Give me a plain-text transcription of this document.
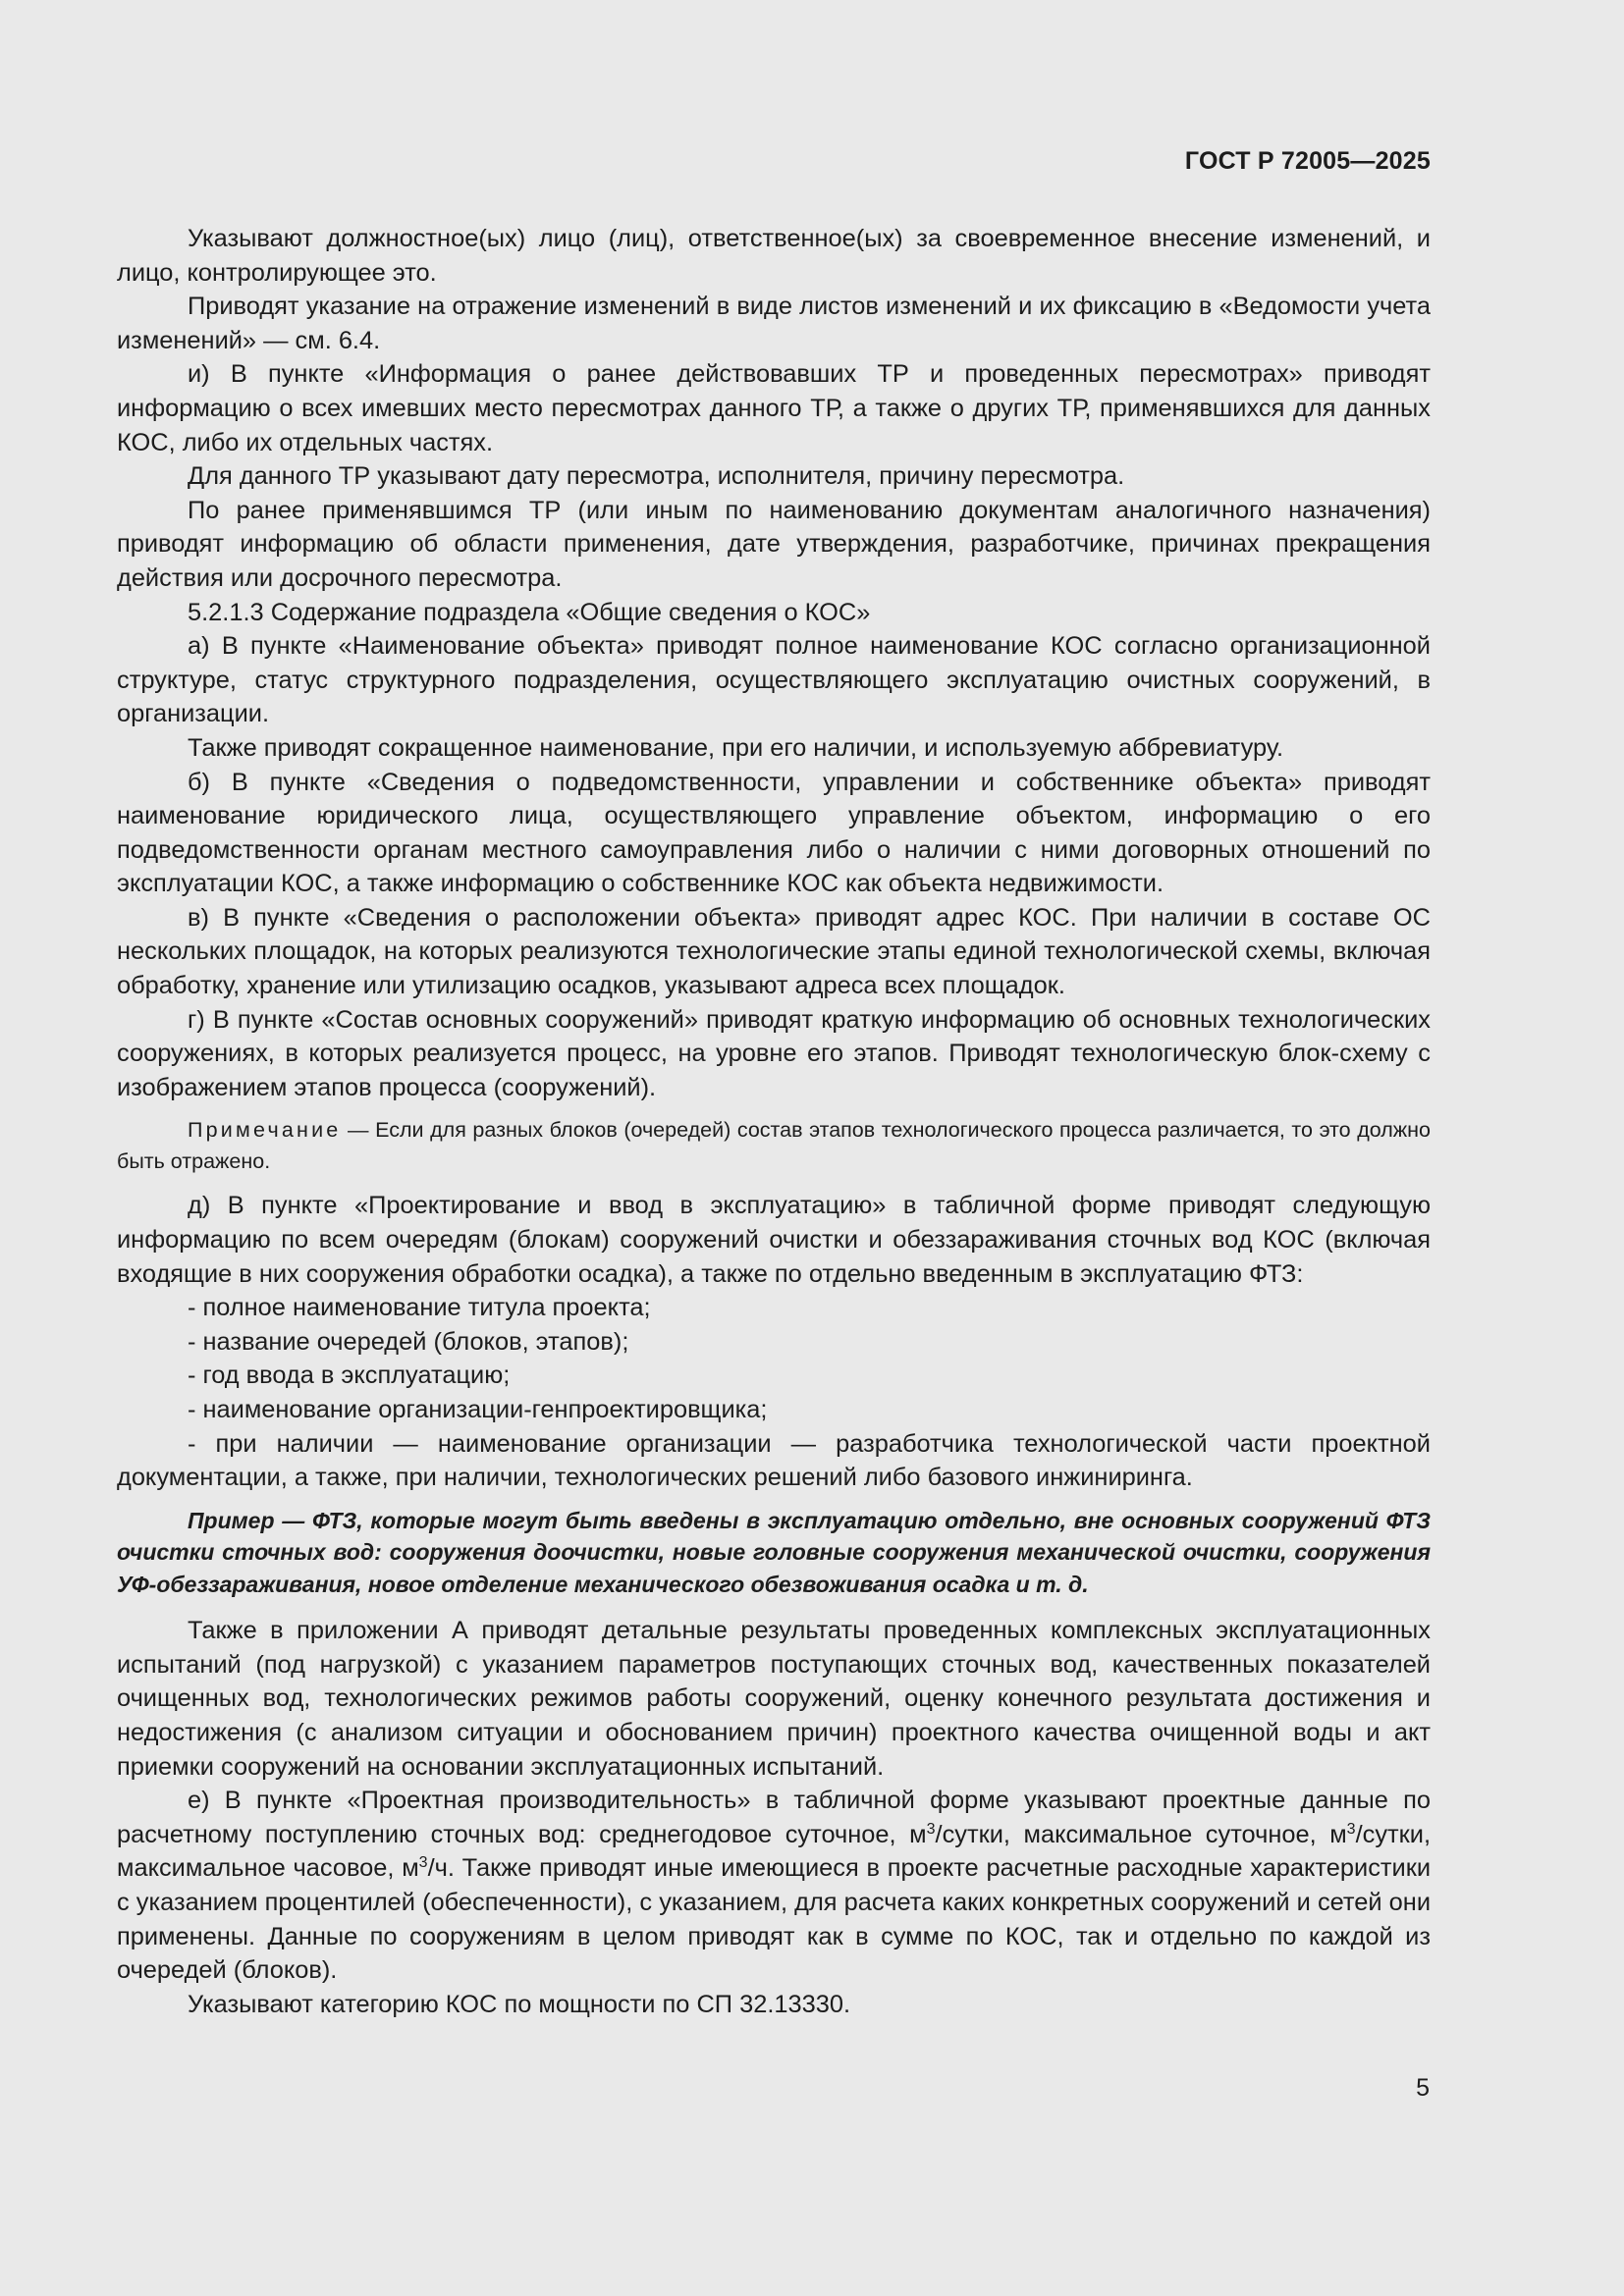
ГОСТ Р 72005—2025

Указывают должностное(ых) лицо (лиц), ответственное(ых) за своевременное внесение изменений, и лицо, контролирующее это.

Приводят указание на отражение изменений в виде листов изменений и их фиксацию в «Ведомости учета изменений» — см. 6.4.

и) В пункте «Информация о ранее действовавших ТР и проведенных пересмотрах» приводят информацию о всех имевших место пересмотрах данного ТР, а также о других ТР, применявшихся для данных КОС, либо их отдельных частях.

Для данного ТР указывают дату пересмотра, исполнителя, причину пересмотра.

По ранее применявшимся ТР (или иным по наименованию документам аналогичного назначения) приводят информацию об области применения, дате утверждения, разработчике, причинах прекращения действия или досрочного пересмотра.

5.2.1.3 Содержание подраздела «Общие сведения о КОС»

а) В пункте «Наименование объекта» приводят полное наименование КОС согласно организационной структуре, статус структурного подразделения, осуществляющего эксплуатацию очистных сооружений, в организации.

Также приводят сокращенное наименование, при его наличии, и используемую аббревиатуру.

б) В пункте «Сведения о подведомственности, управлении и собственнике объекта» приводят наименование юридического лица, осуществляющего управление объектом, информацию о его подведомственности органам местного самоуправления либо о наличии с ними договорных отношений по эксплуатации КОС, а также информацию о собственнике КОС как объекта недвижимости.

в) В пункте «Сведения о расположении объекта» приводят адрес КОС. При наличии в составе ОС нескольких площадок, на которых реализуются технологические этапы единой технологической схемы, включая обработку, хранение или утилизацию осадков, указывают адреса всех площадок.

г) В пункте «Состав основных сооружений» приводят краткую информацию об основных технологических сооружениях, в которых реализуется процесс, на уровне его этапов. Приводят технологическую блок-схему с изображением этапов процесса (сооружений).

Примечание — Если для разных блоков (очередей) состав этапов технологического процесса различается, то это должно быть отражено.

д) В пункте «Проектирование и ввод в эксплуатацию» в табличной форме приводят следующую информацию по всем очередям (блокам) сооружений очистки и обеззараживания сточных вод КОС (включая входящие в них сооружения обработки осадка), а также по отдельно введенным в эксплуатацию ФТЗ:

- полное наименование титула проекта;

- название очередей (блоков, этапов);

- год ввода в эксплуатацию;

- наименование организации-генпроектировщика;

- при наличии — наименование организации — разработчика технологической части проектной документации, а также, при наличии, технологических решений либо базового инжиниринга.

Пример — ФТЗ, которые могут быть введены в эксплуатацию отдельно, вне основных сооружений ФТЗ очистки сточных вод: сооружения доочистки, новые головные сооружения механической очистки, сооружения УФ-обеззараживания, новое отделение механического обезвоживания осадка и т. д.

Также в приложении А приводят детальные результаты проведенных комплексных эксплуатационных испытаний (под нагрузкой) с указанием параметров поступающих сточных вод, качественных показателей очищенных вод, технологических режимов работы сооружений, оценку конечного результата достижения и недостижения (с анализом ситуации и обоснованием причин) проектного качества очищенной воды и акт приемки сооружений на основании эксплуатационных испытаний.

е) В пункте «Проектная производительность» в табличной форме указывают проектные данные по расчетному поступлению сточных вод: среднегодовое суточное, $м^3$/сутки, максимальное суточное, $м^3$/сутки, максимальное часовое, $м^3/ч$. Также приводят иные имеющиеся в проекте расчетные расходные характеристики с указанием процентилей (обеспеченности), с указанием, для расчета каких конкретных сооружений и сетей они применены. Данные по сооружениям в целом приводят как в сумме по КОС, так и отдельно по каждой из очередей (блоков).

Указывают категорию КОС по мощности по СП 32.13330.

5
